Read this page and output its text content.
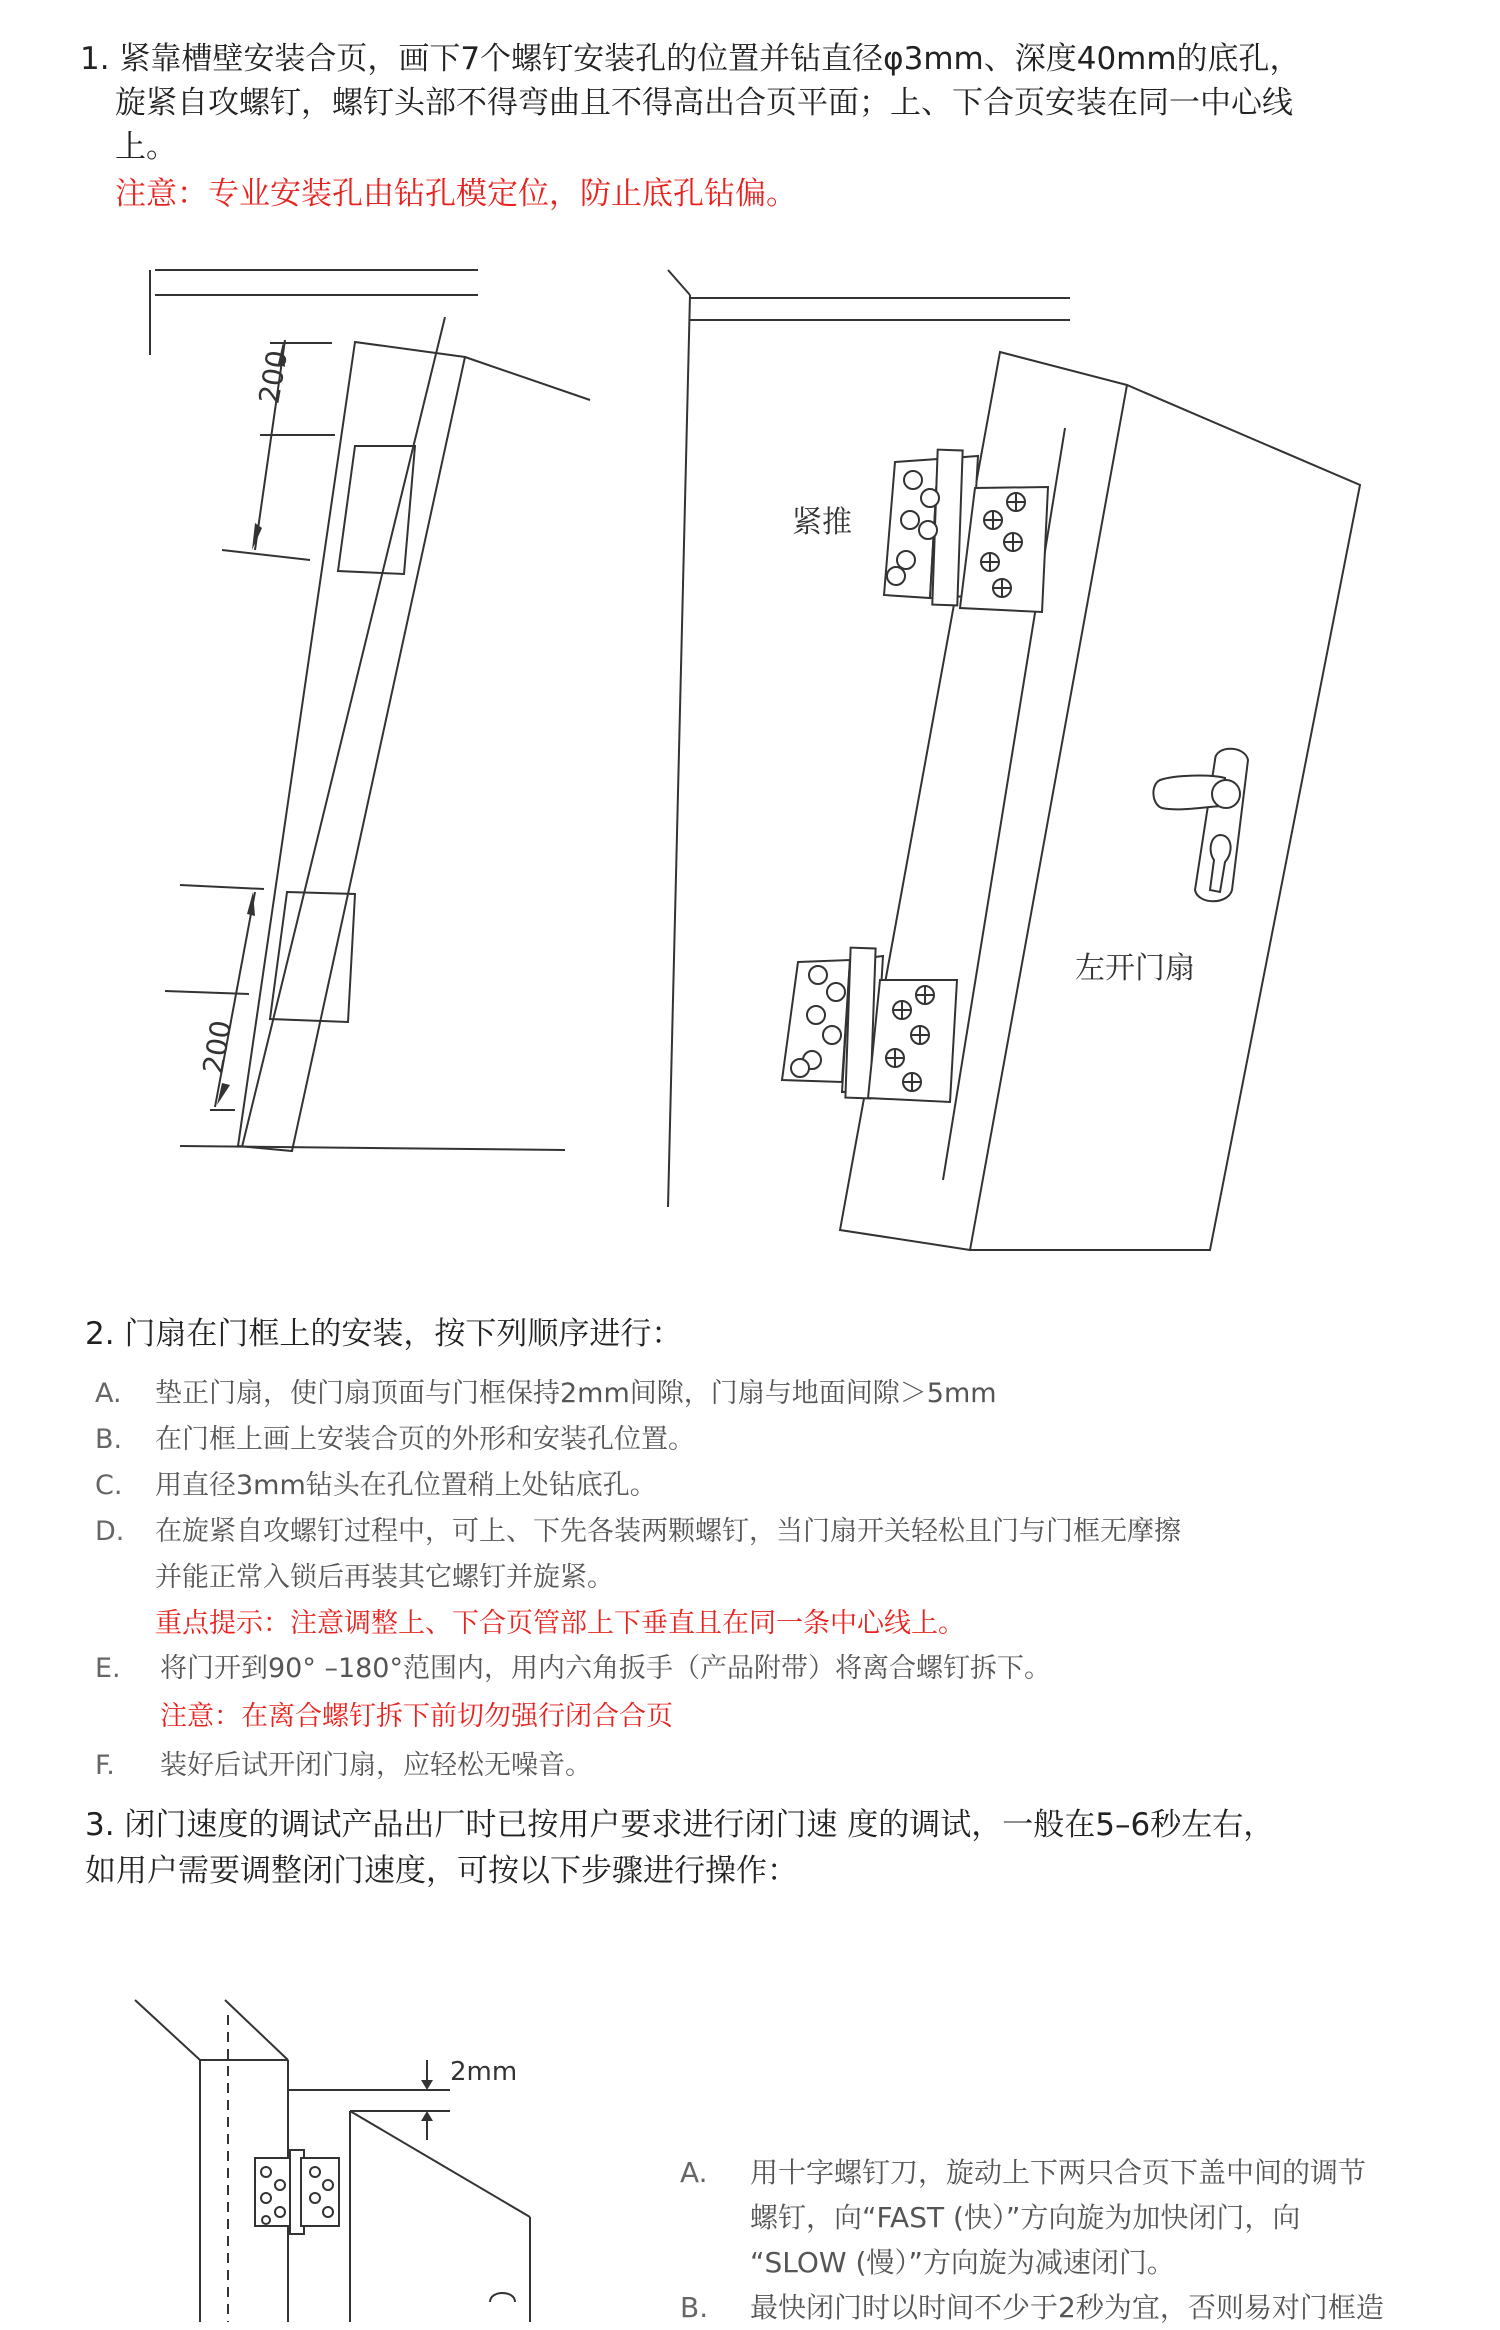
1. 紧靠槽壁安装合页，画下7个螺钉安装孔的位置并钻直径φ3mm、深度40mm的底孔，
旋紧自攻螺钉，螺钉头部不得弯曲且不得高出合页平面；上、下合页安装在同一中心线
上。
注意：专业安装孔由钻孔模定位，防止底孔钻偏。
200
200
紧推
左开门扇
2. 门扇在门框上的安装，按下列顺序进行：
A. 垫正门扇，使门扇顶面与门框保持2mm间隙，门扇与地面间隙＞5mm
B. 在门框上画上安装合页的外形和安装孔位置。
C. 用直径3mm钻头在孔位置稍上处钻底孔。
D. 在旋紧自攻螺钉过程中，可上、下先各装两颗螺钉，当门扇开关轻松且门与门框无摩擦
并能正常入锁后再装其它螺钉并旋紧。
重点提示：注意调整上、下合页管部上下垂直且在同一条中心线上。
E. 将门开到90° –180°范围内，用内六角扳手（产品附带）将离合螺钉拆下。
注意：在离合螺钉拆下前切勿强行闭合合页
F. 装好后试开闭门扇，应轻松无噪音。
3. 闭门速度的调试产品出厂时已按用户要求进行闭门速 度的调试，一般在5–6秒左右，
如用户需要调整闭门速度，可按以下步骤进行操作：
2mm
A. 用十字螺钉刀，旋动上下两只合页下盖中间的调节
螺钉，向“FAST (快）”方向旋为加快闭门，向
“SLOW (慢）”方向旋为减速闭门。
B. 最快闭门时以时间不少于2秒为宜，否则易对门框造
